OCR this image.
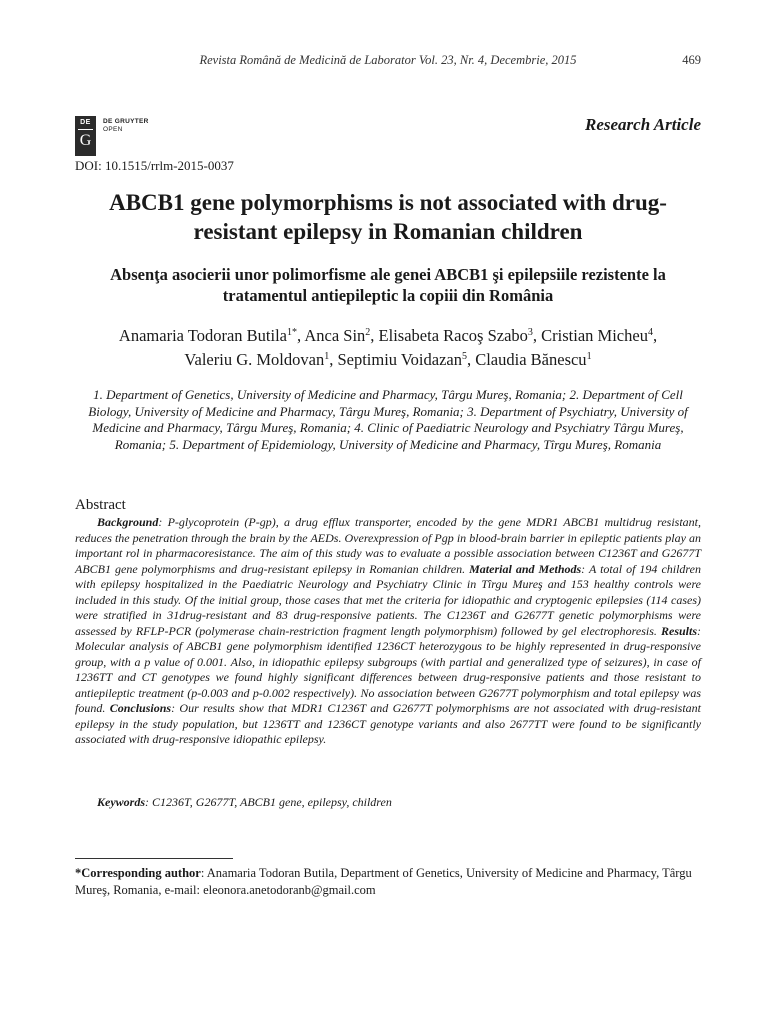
Revista Română de Medicină de Laborator Vol. 23, Nr. 4, Decembrie, 2015	469
DE
G
DE GRUYTER
OPEN	Research Article
DOI: 10.1515/rrlm-2015-0037
ABCB1 gene polymorphisms is not associated with drug-resistant epilepsy in Romanian children
Absenţa asocierii unor polimorfisme ale genei ABCB1 şi epilepsiile rezistente la tratamentul antiepileptic la copiii din România
Anamaria Todoran Butila$^{1*}$, Anca Sin$^2$, Elisabeta Racoş Szabo$^3$, Cristian Micheu$^4$,
Valeriu G. Moldovan$^1$, Septimiu Voidazan$^5$, Claudia Bănescu$^1$
1. Department of Genetics, University of Medicine and Pharmacy, Târgu Mureş, Romania; 2. Department of Cell Biology, University of Medicine and Pharmacy, Târgu Mureş, Romania; 3. Department of Psychiatry, University of Medicine and Pharmacy, Târgu Mureş, Romania; 4. Clinic of Paediatric Neurology and Psychiatry Târgu Mureş, Romania; 5. Department of Epidemiology, University of Medicine and Pharmacy, Tîrgu Mureş, Romania
Abstract

Background: P-glycoprotein (P-gp), a drug efflux transporter, encoded by the gene MDR1 ABCB1 multidrug resistant, reduces the penetration through the brain by the AEDs. Overexpression of Pgp in blood-brain barrier in epileptic patients play an important rol in pharmacoresistance. The aim of this study was to evaluate a possible association between C1236T and G2677T ABCB1 gene polymorphisms and drug-resistant epilepsy in Romanian children. Material and Methods: A total of 194 children with epilepsy hospitalized in the Paediatric Neurology and Psychiatry Clinic in Tîrgu Mureş and 153 healthy controls were included in this study. Of the initial group, those cases that met the criteria for idiopathic and cryptogenic epilepsies (114 cases) were stratified in 31drug-resistant and 83 drug-responsive patients. The C1236T and G2677T genetic polymorphisms were assessed by RFLP-PCR (polymerase chain-restriction fragment length polymorphism) followed by gel electrophoresis. Results: Molecular analysis of ABCB1 gene polymorphism identified 1236CT heterozygous to be highly represented in drug-responsive group, with a p value of 0.001. Also, in idiopathic epilepsy subgroups (with partial and generalized type of seizures), in case of 1236TT and CT genotypes we found highly significant differences between drug-responsive patients and those resistant to antiepileptic treatment (p-0.003 and p-0.002 respectively). No association between G2677T polymorphism and total epilepsy was found. Conclusions: Our results show that MDR1 C1236T and G2677T polymorphisms are not associated with drug-resistant epilepsy in the study population, but 1236TT and 1236CT genotype variants and also 2677TT were found to be significantly associated with drug-responsive idiopathic epilepsy.

Keywords: C1236T, G2677T, ABCB1 gene, epilepsy, children
*Corresponding author: Anamaria Todoran Butila, Department of Genetics, University of Medicine and Pharmacy, Târgu Mureş, Romania, e-mail: eleonora.anetodoranb@gmail.com
